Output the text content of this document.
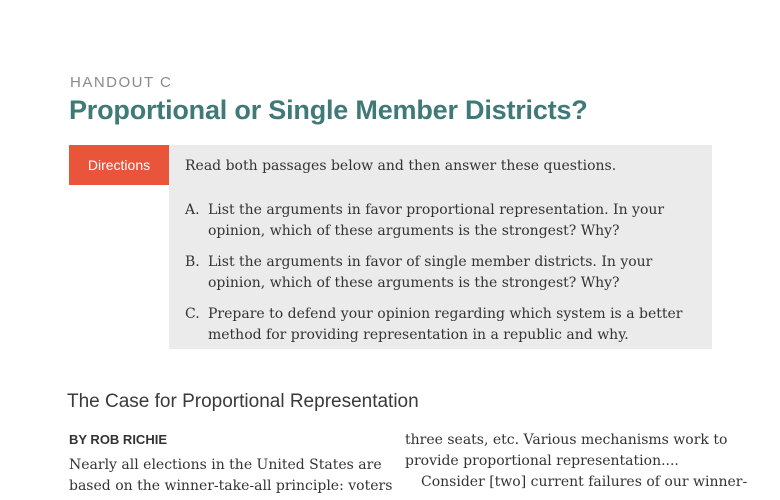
HANDOUT C
Proportional or Single Member Districts?
Directions	Read both passages below and then answer these questions.
A. List the arguments in favor proportional representation. In your opinion, which of these arguments is the strongest? Why?
B. List the arguments in favor of single member districts. In your opinion, which of these arguments is the strongest? Why?
C. Prepare to defend your opinion regarding which system is a better method for providing representation in a republic and why.
The Case for Proportional Representation
BY ROB RICHIE
Nearly all elections in the United States are
based on the winner-take-all principle: voters
three seats, etc. Various mechanisms work to
provide proportional representation....
Consider [two] current failures of our winner-
